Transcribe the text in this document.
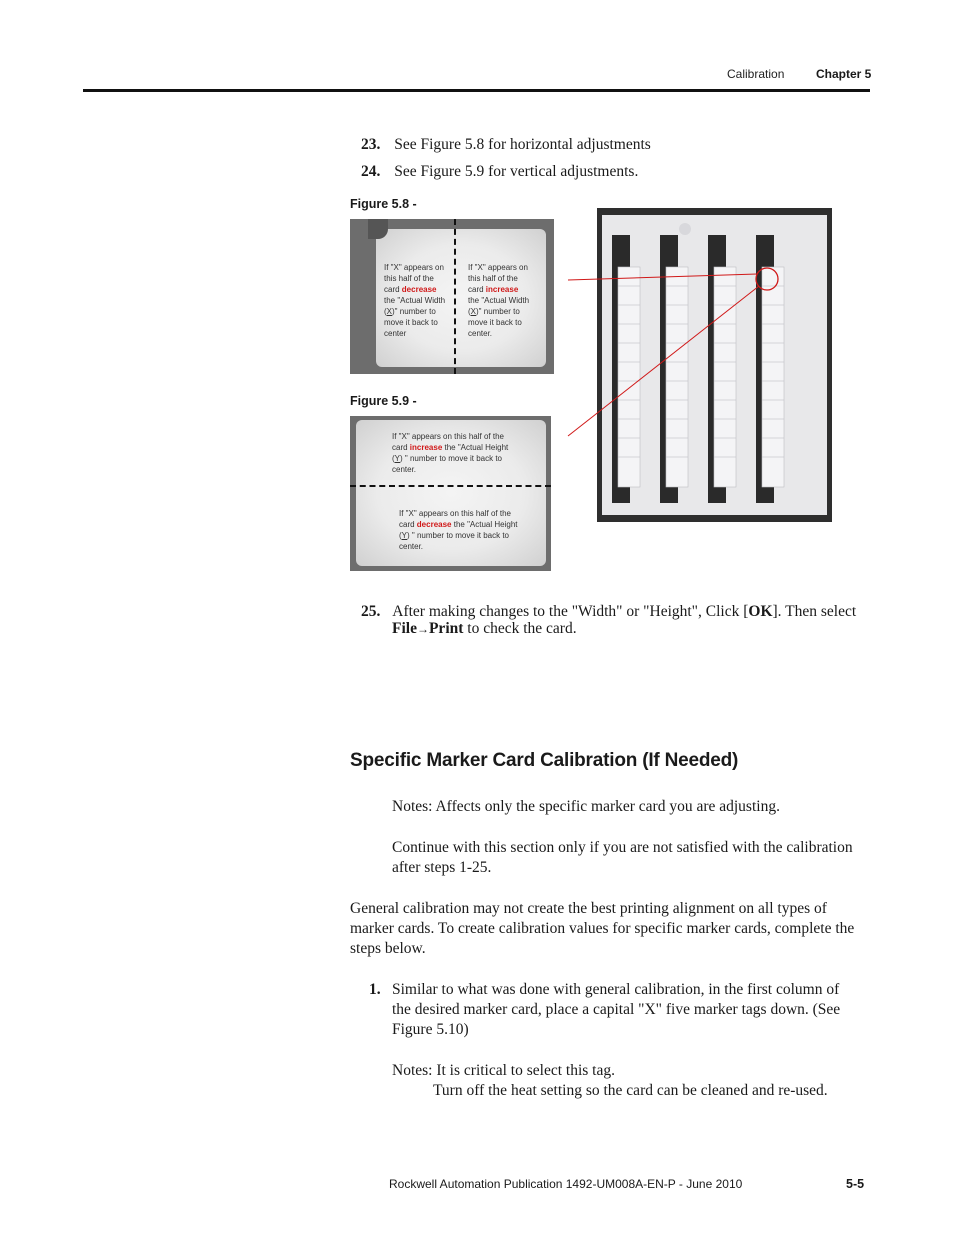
Calibration	Chapter 5
23. See Figure 5.8 for horizontal adjustments
24. See Figure 5.9 for vertical adjustments.
Figure 5.8 -
If "X" appears on
this half of the
card decrease
the "Actual Width
(X)" number to
move it back to
center
If "X" appears on
this half of the
card increase
the "Actual Width
(X)" number to
move it back to
center.
Figure 5.9 -
If "X" appears on this half of the
card increase the "Actual Height
(Y) " number to move it back to
center.
If "X" appears on this half of the
card decrease the "Actual Height
(Y) " number to move it back to
center.
25. After making changes to the "Width" or "Height", Click [OK]. Then select
File→Print to check the card.
Specific Marker Card Calibration (If Needed)
Notes: Affects only the specific marker card you are adjusting.
Continue with this section only if you are not satisfied with the calibration
after steps 1-25.
General calibration may not create the best printing alignment on all types of
marker cards. To create calibration values for specific marker cards, complete the
steps below.
1. Similar to what was done with general calibration, in the first column of
the desired marker card, place a capital "X" five marker tags down. (See
Figure 5.10)
Notes: It is critical to select this tag.
Turn off the heat setting so the card can be cleaned and re-used.
Rockwell Automation Publication 1492-UM008A-EN-P - June 2010	5-5
